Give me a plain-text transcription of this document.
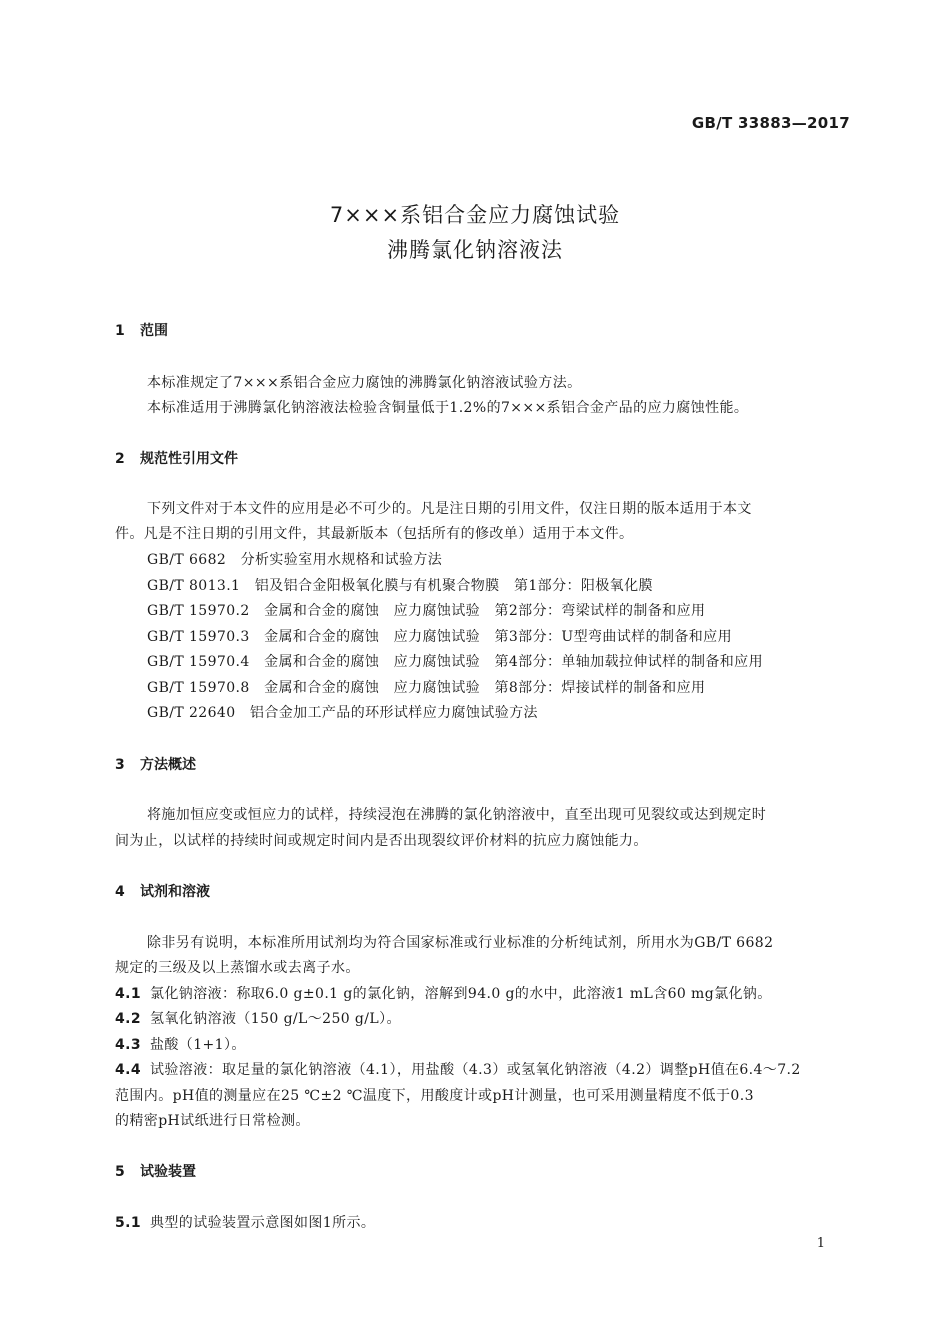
GB/T 33883—2017
7×××系铝合金应力腐蚀试验
沸腾氯化钠溶液法
1 范围
本标准规定了7×××系铝合金应力腐蚀的沸腾氯化钠溶液试验方法。
本标准适用于沸腾氯化钠溶液法检验含铜量低于1.2%的7×××系铝合金产品的应力腐蚀性能。
2 规范性引用文件
下列文件对于本文件的应用是必不可少的。凡是注日期的引用文件，仅注日期的版本适用于本文
件。凡是不注日期的引用文件，其最新版本（包括所有的修改单）适用于本文件。
GB/T 6682　分析实验室用水规格和试验方法
GB/T 8013.1　铝及铝合金阳极氧化膜与有机聚合物膜　第1部分：阳极氧化膜
GB/T 15970.2　金属和合金的腐蚀　应力腐蚀试验　第2部分：弯梁试样的制备和应用
GB/T 15970.3　金属和合金的腐蚀　应力腐蚀试验　第3部分：U型弯曲试样的制备和应用
GB/T 15970.4　金属和合金的腐蚀　应力腐蚀试验　第4部分：单轴加载拉伸试样的制备和应用
GB/T 15970.8　金属和合金的腐蚀　应力腐蚀试验　第8部分：焊接试样的制备和应用
GB/T 22640　铝合金加工产品的环形试样应力腐蚀试验方法
3 方法概述
将施加恒应变或恒应力的试样，持续浸泡在沸腾的氯化钠溶液中，直至出现可见裂纹或达到规定时
间为止，以试样的持续时间或规定时间内是否出现裂纹评价材料的抗应力腐蚀能力。
4 试剂和溶液
除非另有说明，本标准所用试剂均为符合国家标准或行业标准的分析纯试剂，所用水为GB/T 6682
规定的三级及以上蒸馏水或去离子水。
4.1 氯化钠溶液：称取6.0 g±0.1 g的氯化钠，溶解到94.0 g的水中，此溶液1 mL含60 mg氯化钠。
4.2 氢氧化钠溶液（150 g/L～250 g/L）。
4.3 盐酸（1+1）。
4.4 试验溶液：取足量的氯化钠溶液（4.1），用盐酸（4.3）或氢氧化钠溶液（4.2）调整pH值在6.4～7.2
范围内。pH值的测量应在25 ℃±2 ℃温度下，用酸度计或pH计测量，也可采用测量精度不低于0.3
的精密pH试纸进行日常检测。
5 试验装置
5.1 典型的试验装置示意图如图1所示。
1
